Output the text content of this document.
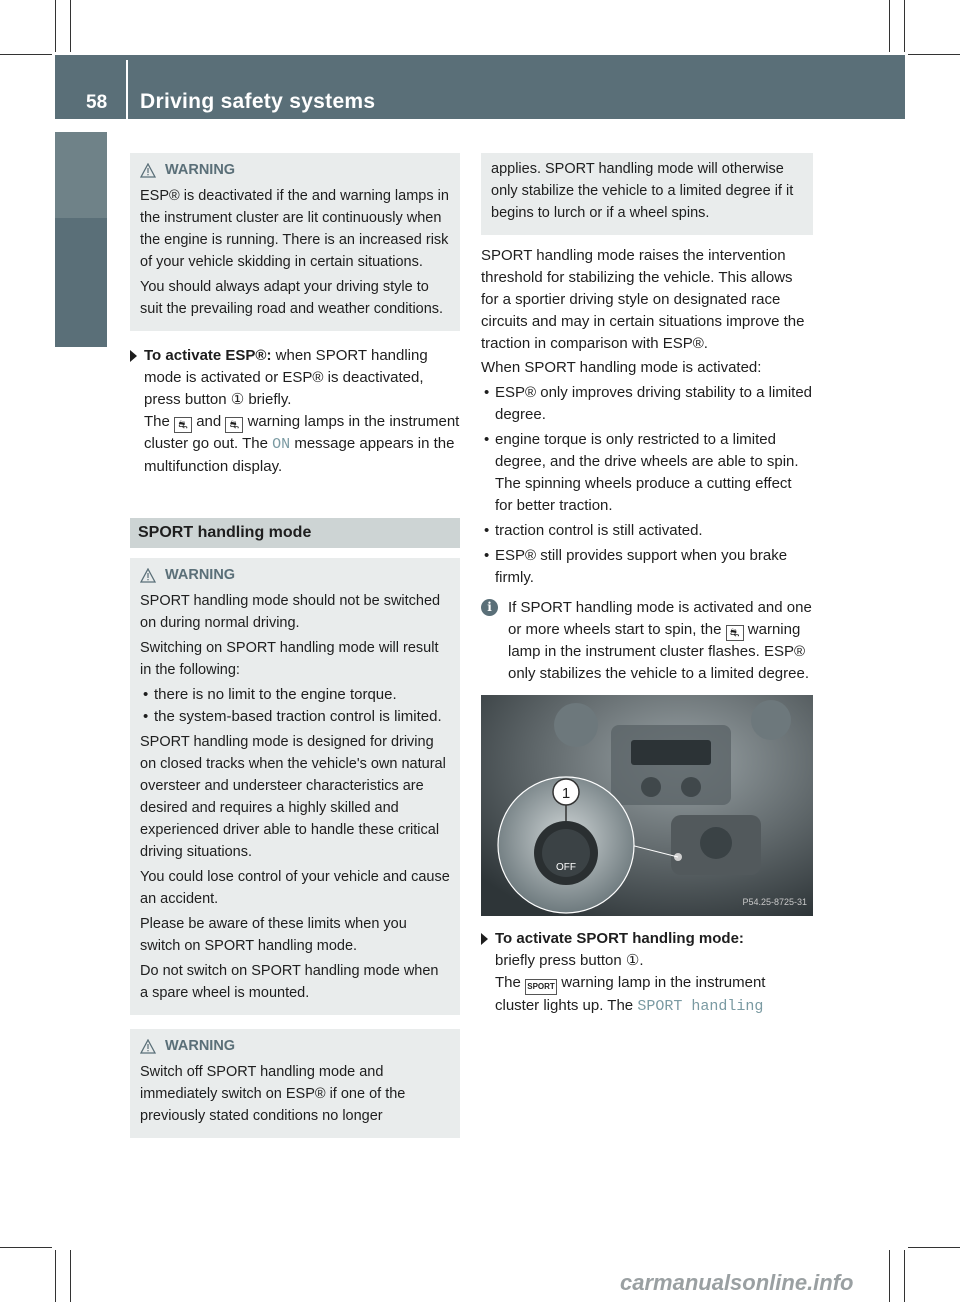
58 Driving safety systems
Safety
WARNING

ESP® is deactivated if the and warning lamps in the instrument cluster are lit continuously when the engine is running. There is an increased risk of your vehicle skidding in certain situations.

You should always adapt your driving style to suit the prevailing road and weather conditions.

To activate ESP®: when SPORT handling mode is activated or ESP® is deactivated, press button ① briefly.
The ⛐ and ⛐ warning lamps in the instrument cluster go out. The ON message appears in the multifunction display.
SPORT handling mode
WARNING

SPORT handling mode should not be switched on during normal driving.

Switching on SPORT handling mode will result in the following:

• there is no limit to the engine torque.
• the system-based traction control is limited.

SPORT handling mode is designed for driving on closed tracks when the vehicle's own natural oversteer and understeer characteristics are desired and requires a highly skilled and experienced driver able to handle these critical driving situations.

You could lose control of your vehicle and cause an accident.

Please be aware of these limits when you switch on SPORT handling mode.

Do not switch on SPORT handling mode when a spare wheel is mounted.

WARNING

Switch off SPORT handling mode and immediately switch on ESP® if one of the previously stated conditions no longer

applies. SPORT handling mode will otherwise only stabilize the vehicle to a limited degree if it begins to lurch or if a wheel spins.

SPORT handling mode raises the intervention threshold for stabilizing the vehicle. This allows for a sportier driving style on designated race circuits and may in certain situations improve the traction in comparison with ESP®.

When SPORT handling mode is activated:

• ESP® only improves driving stability to a limited degree.
• engine torque is only restricted to a limited degree, and the drive wheels are able to spin. The spinning wheels produce a cutting effect for better traction.
• traction control is still activated.
• ESP® still provides support when you brake firmly.
i	If SPORT handling mode is activated and one or more wheels start to spin, the ⛐ warning lamp in the instrument cluster flashes. ESP® only stabilizes the vehicle to a limited degree.
OFF
1
P54.25-8725-31
To activate SPORT handling mode:
briefly press button ①.
The SPORT warning lamp in the instrument cluster lights up. The SPORT handling
carmanualsonline.info
